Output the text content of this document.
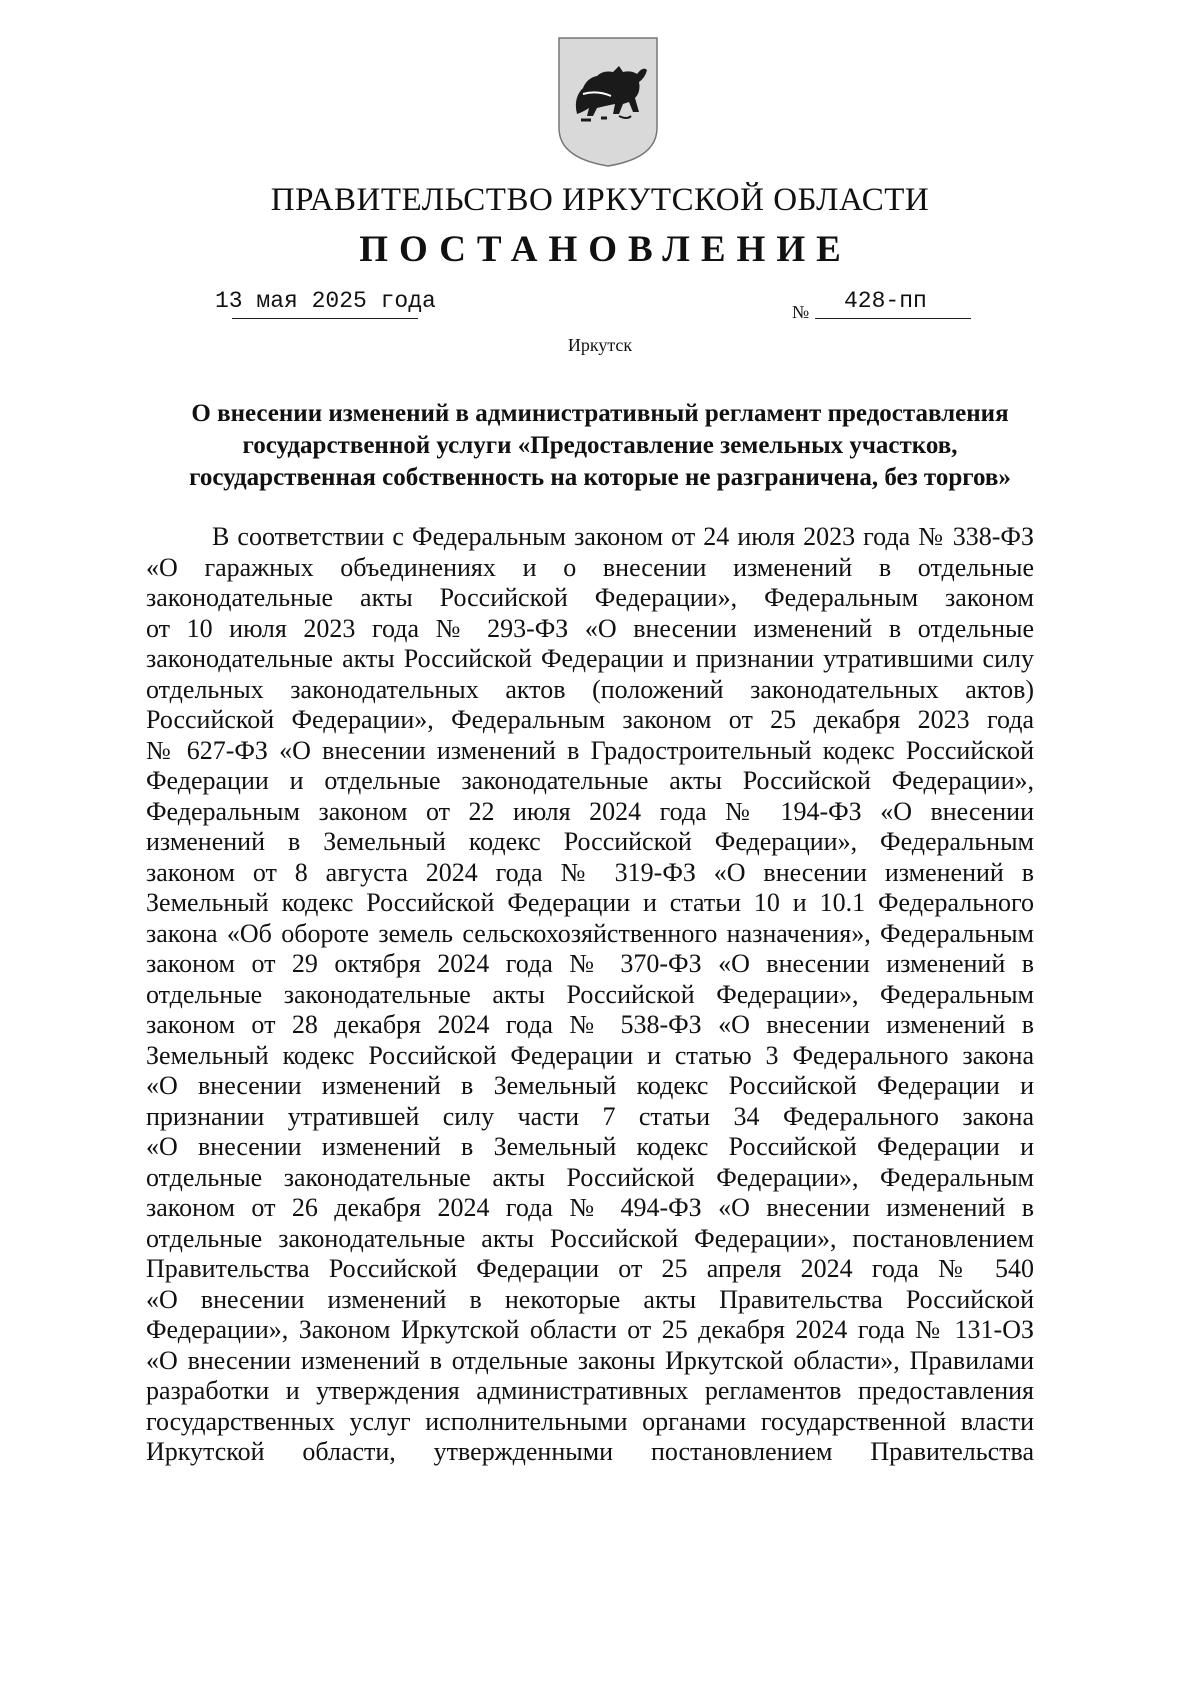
ПРАВИТЕЛЬСТВО ИРКУТСКОЙ ОБЛАСТИ
ПОСТАНОВЛЕНИЕ
13 мая 2025 года	№ 428-пп
Иркутск
О внесении изменений в административный регламент предоставления
государственной услуги «Предоставление земельных участков,
государственная собственность на которые не разграничена, без торгов»
В соответствии с Федеральным законом от 24 июля 2023 года № 338-ФЗ
«О гаражных объединениях и о внесении изменений в отдельные
законодательные акты Российской Федерации», Федеральным законом
от 10 июля 2023 года № 293-ФЗ «О внесении изменений в отдельные
законодательные акты Российской Федерации и признании утратившими силу
отдельных законодательных актов (положений законодательных актов)
Российской Федерации», Федеральным законом от 25 декабря 2023 года
№ 627-ФЗ «О внесении изменений в Градостроительный кодекс Российской
Федерации и отдельные законодательные акты Российской Федерации»,
Федеральным законом от 22 июля 2024 года № 194-ФЗ «О внесении
изменений в Земельный кодекс Российской Федерации», Федеральным
законом от 8 августа 2024 года № 319-ФЗ «О внесении изменений в
Земельный кодекс Российской Федерации и статьи 10 и 10.1 Федерального
закона «Об обороте земель сельскохозяйственного назначения», Федеральным
законом от 29 октября 2024 года № 370-ФЗ «О внесении изменений в
отдельные законодательные акты Российской Федерации», Федеральным
законом от 28 декабря 2024 года № 538-ФЗ «О внесении изменений в
Земельный кодекс Российской Федерации и статью 3 Федерального закона
«О внесении изменений в Земельный кодекс Российской Федерации и
признании утратившей силу части 7 статьи 34 Федерального закона
«О внесении изменений в Земельный кодекс Российской Федерации и
отдельные законодательные акты Российской Федерации», Федеральным
законом от 26 декабря 2024 года № 494-ФЗ «О внесении изменений в
отдельные законодательные акты Российской Федерации», постановлением
Правительства Российской Федерации от 25 апреля 2024 года № 540
«О внесении изменений в некоторые акты Правительства Российской
Федерации», Законом Иркутской области от 25 декабря 2024 года № 131-ОЗ
«О внесении изменений в отдельные законы Иркутской области», Правилами
разработки и утверждения административных регламентов предоставления
государственных услуг исполнительными органами государственной власти
Иркутской области, утвержденными постановлением Правительства
